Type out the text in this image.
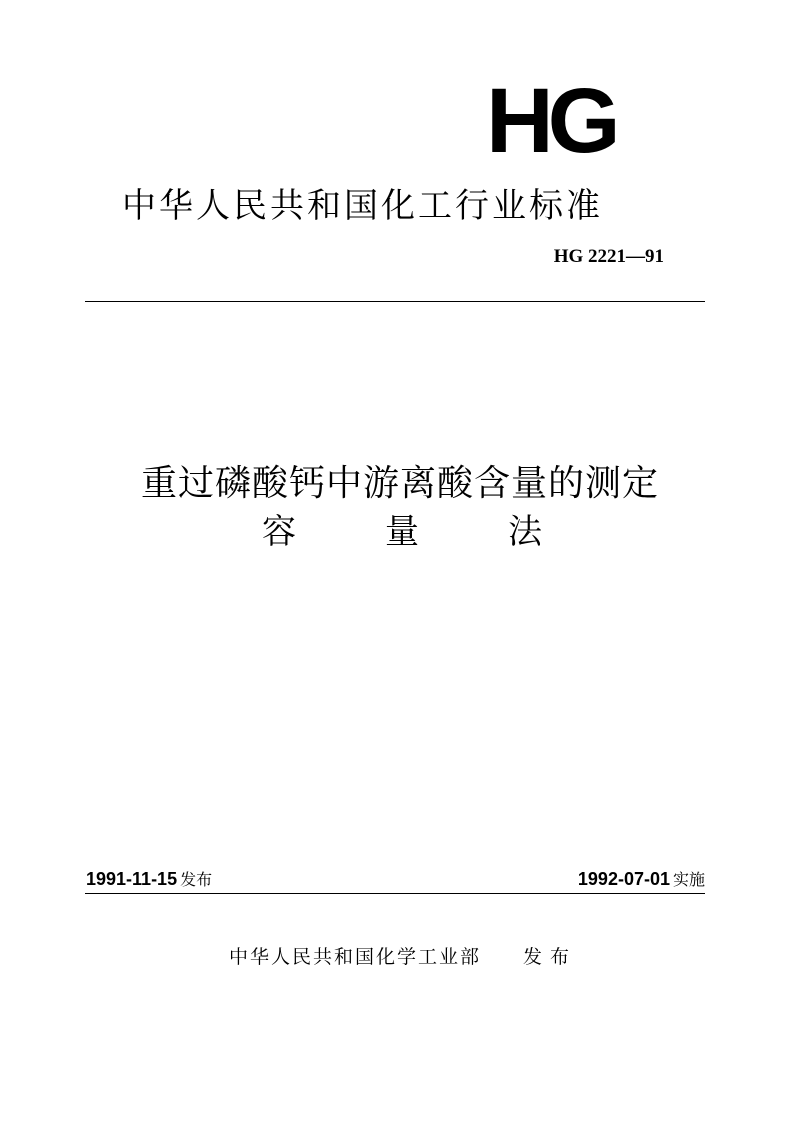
HG
中华人民共和国化工行业标准
HG 2221—91
重过磷酸钙中游离酸含量的测定
容	量	法
1991-11-15 发布	1992-07-01 实施
中华人民共和国化学工业部 发布
